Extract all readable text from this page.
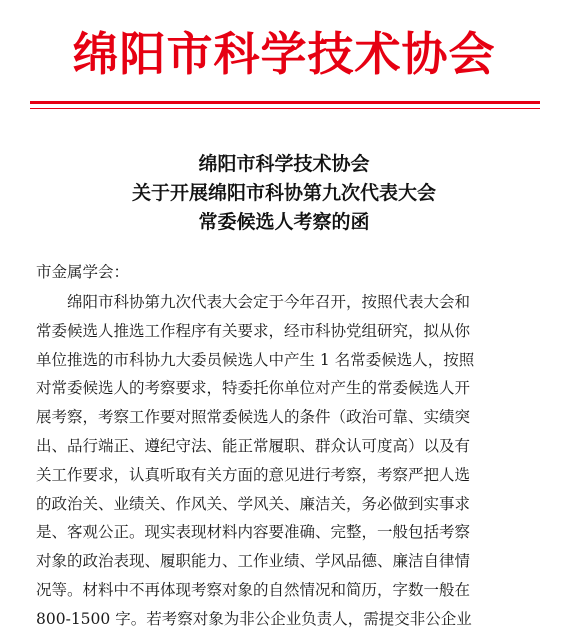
绵阳市科学技术协会
绵阳市科学技术协会
关于开展绵阳市科协第九次代表大会
常委候选人考察的函
市金属学会：
　　绵阳市科协第九次代表大会定于今年召开，按照代表大会和
常委候选人推选工作程序有关要求，经市科协党组研究，拟从你
单位推选的市科协九大委员候选人中产生 1 名常委候选人，按照
对常委候选人的考察要求，特委托你单位对产生的常委候选人开
展考察，考察工作要对照常委候选人的条件（政治可靠、实绩突
出、品行端正、遵纪守法、能正常履职、群众认可度高）以及有
关工作要求，认真听取有关方面的意见进行考察，考察严把人选
的政治关、业绩关、作风关、学风关、廉洁关，务必做到实事求
是、客观公正。现实表现材料内容要准确、完整，一般包括考察
对象的政治表现、履职能力、工作业绩、学风品德、廉洁自律情
况等。材料中不再体现考察对象的自然情况和简历，字数一般在
800-1500 字。若考察对象为非公企业负责人，需提交非公企业
